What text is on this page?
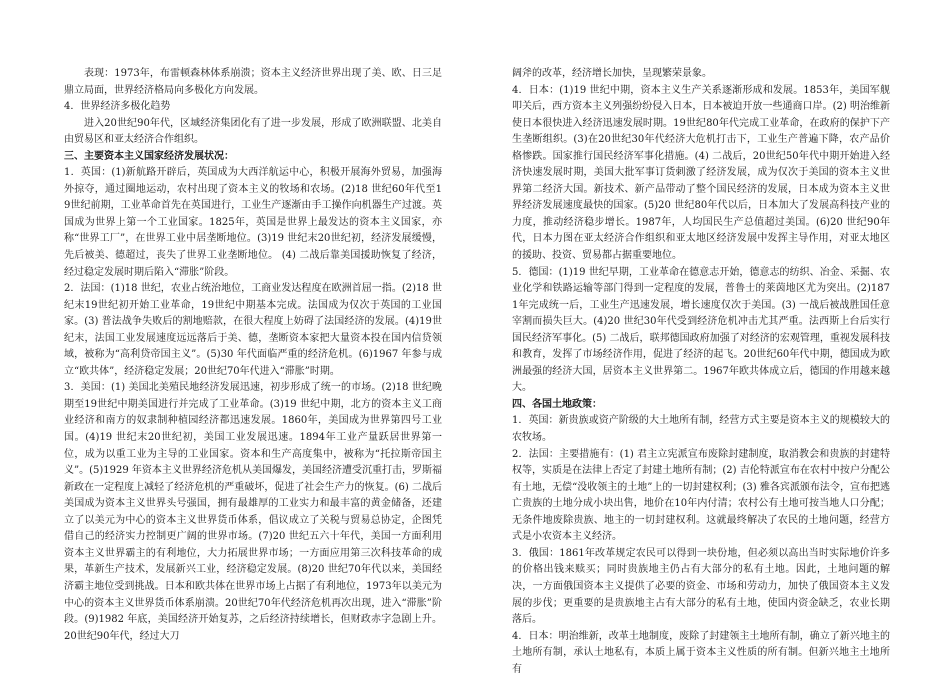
表现：1973年，布雷顿森林体系崩溃；资本主义经济世界出现了美、欧、日三足鼎立局面，世界经济格局向多极化方向发展。

4．世界经济多极化趋势

进入20世纪90年代，区域经济集团化有了进一步发展，形成了欧洲联盟、北美自由贸易区和亚太经济合作组织。

三、主要资本主义国家经济发展状况：

1．英国：(1)新航路开辟后，英国成为大西洋航运中心，积极开展海外贸易，加强海外掠夺，通过圈地运动，农村出现了资本主义的牧场和农场。(2)18 世纪60年代至1 9世纪前期，工业革命首先在英国进行，工业生产逐渐由手工操作向机器生产过渡。英国成为世界上第一个工业国家。1825年，英国是世界上最发达的资本主义国家，亦称“世界工厂”，在世界工业中居垄断地位。(3)19 世纪末20世纪初，经济发展缓慢，先后被美、德超过，丧失了世界工业垄断地位。 (4) 二战后靠美国援助恢复了经济，经过稳定发展时期后陷入“滞胀”阶段。

2．法国：(1)18 世纪，农业占统治地位，工商业发达程度在欧洲首屈一指。(2)18 世纪末19世纪初开始工业革命，19世纪中期基本完成。法国成为仅次于英国的工业国家。(3) 普法战争失败后的割地赔款，在很大程度上妨碍了法国经济的发展。(4)19世纪末，法国工业发展速度远远落后于美、德，垄断资本家把大量资本投在国内信贷领域，被称为“高利贷帝国主义”。(5)30 年代面临严重的经济危机。(6)1967 年参与成立“欧共体”，经济稳定发展；20世纪70年代进入“滞胀”时期。

3．美国：(1) 美国北美殖民地经济发展迅速，初步形成了统一的市场。(2)18 世纪晚期至19世纪中期美国进行并完成了工业革命。(3)19 世纪中期，北方的资本主义工商业经济和南方的奴隶制种植园经济都迅速发展。1860年，美国成为世界第四号工业国。(4)19 世纪末20世纪初，美国工业发展迅速。1894年工业产量跃居世界第一位，成为以重工业为主导的工业国家。资本和生产高度集中，被称为“托拉斯帝国主义”。(5)1929 年资本主义世界经济危机从美国爆发，美国经济遭受沉重打击，罗斯福新政在一定程度上减轻了经济危机的严重破坏，促进了社会生产力的恢复。(6) 二战后美国成为资本主义世界头号强国，拥有最雄厚的工业实力和最丰富的黄金储备，还建立了以美元为中心的资本主义世界货币体系，倡议成立了关税与贸易总协定，企图凭借自己的经济实力控制更广阔的世界市场。(7)20 世纪五六十年代，美国一方面利用资本主义世界霸主的有利地位，大力拓展世界市场；一方面应用第三次科技革命的成果，革新生产技术，发展新兴工业，经济稳定发展。(8)20 世纪70年代以来，美国经济霸主地位受到挑战。日本和欧共体在世界市场上占据了有利地位，1973年以美元为中心的资本主义世界货币体系崩溃。20世纪70年代经济危机再次出现，进入“滞胀”阶段。(9)1982 年底，美国经济开始复苏，之后经济持续增长，但财政赤字急剧上升。20世纪90年代，经过大刀

阔斧的改革，经济增长加快，呈现繁荣景象。

4．日本：(1)19 世纪中期，资本主义生产关系逐渐形成和发展。1853年，美国军舰叩关后，西方资本主义列强纷纷侵入日本，日本被迫开放一些通商口岸。(2) 明治维新使日本很快进入经济迅速发展时期。19世纪80年代完成工业革命，在政府的保护下产生垄断组织。(3)在20世纪30年代经济大危机打击下，工业生产普遍下降，农产品价格惨跌。国家推行国民经济军事化措施。(4) 二战后，20世纪50年代中期开始进入经济快速发展时期，美国大批军事订货刺激了经济发展，成为仅次于美国的资本主义世界第二经济大国。新技术、新产品带动了整个国民经济的发展，日本成为资本主义世界经济发展速度最快的国家。(5)20 世纪80年代以后，日本加大了发展高科技产业的力度，推动经济稳步增长。1987年，人均国民生产总值超过美国。(6)20 世纪90年代，日本力图在亚太经济合作组织和亚太地区经济发展中发挥主导作用，对亚太地区的援助、投资、贸易都占据重要地位。

5．德国：(1)19 世纪早期，工业革命在德意志开始，德意志的纺织、冶金、采掘、农业化学和铁路运输等部门得到一定程度的发展，普鲁士的莱茵地区尤为突出。(2)1871年完成统一后，工业生产迅速发展，增长速度仅次于美国。(3) 一战后被战胜国任意宰割而损失巨大。(4)20 世纪30年代受到经济危机冲击尤其严重。法西斯上台后实行国民经济军事化。(5) 二战后，联邦德国政府加强了对经济的宏观管理，重视发展科技和教育，发挥了市场经济作用，促进了经济的起飞。20世纪60年代中期，德国成为欧洲最强的经济大国，居资本主义世界第二。1967年欧共体成立后，德国的作用越来越大。

四、各国土地政策：

1．英国：新贵族或资产阶级的大土地所有制，经营方式主要是资本主义的规模较大的农牧场。

2．法国：主要措施有：(1) 君主立宪派宣布废除封建制度，取消教会和贵族的封建特权等，实质是在法律上否定了封建土地所有制；(2) 吉伦特派宣布在农村中按户分配公有土地，无偿“没收领主的土地”上的一切封建权利；(3) 雅各宾派颁布法令，宣布把逃亡贵族的土地分成小块出售，地价在10年内付清；农村公有土地可按当地人口分配；无条件地废除贵族、地主的一切封建权利。这就最终解决了农民的土地问题，经营方式是小农资本主义经济。

3．俄国：1861年改革规定农民可以得到一块份地，但必须以高出当时实际地价许多的价格出钱来赎买；同时贵族地主仍占有大部分的私有土地。因此，土地问题的解决，一方面俄国资本主义提供了必要的资金、市场和劳动力，加快了俄国资本主义发展的步伐；更重要的是贵族地主占有大部分的私有土地，使国内资金缺乏，农业长期落后。

4．日本：明治维新，改革土地制度，废除了封建领主土地所有制，确立了新兴地主的土地所有制，承认土地私有，本质上属于资本主义性质的所有制。但新兴地主土地所有
